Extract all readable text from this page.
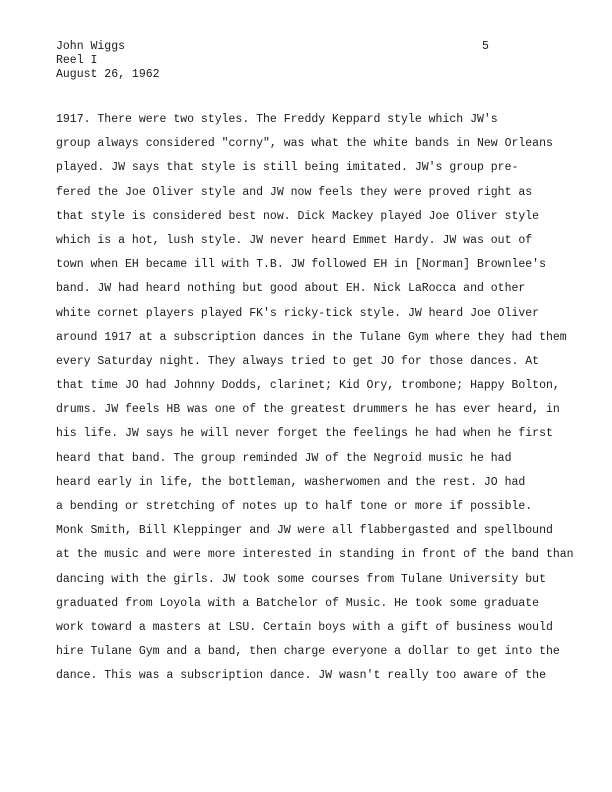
John Wiggs
Reel I
August 26, 1962
5
1917. There were two styles. The Freddy Keppard style which JW's
group always considered "corny", was what the white bands in New Orleans
played. JW says that style is still being imitated. JW's group pre-
fered the Joe Oliver style and JW now feels they were proved right as
that style is considered best now. Dick Mackey played Joe Oliver style
which is a hot, lush style. JW never heard Emmet Hardy. JW was out of
town when EH became ill with T.B. JW followed EH in [Norman] Brownlee's
band. JW had heard nothing but good about EH. Nick LaRocca and other
white cornet players played FK's ricky-tick style. JW heard Joe Oliver
around 1917 at a subscription dances in the Tulane Gym where they had them
every Saturday night. They always tried to get JO for those dances. At
that time JO had Johnny Dodds, clarinet; Kid Ory, trombone; Happy Bolton,
drums. JW feels HB was one of the greatest drummers he has ever heard, in
his life. JW says he will never forget the feelings he had when he first
heard that band. The group reminded JW of the Negroid music he had
heard early in life, the bottleman, washerwomen and the rest. JO had
a bending or stretching of notes up to half tone or more if possible.
Monk Smith, Bill Kleppinger and JW were all flabbergasted and spellbound
at the music and were more interested in standing in front of the band than
dancing with the girls. JW took some courses from Tulane University but
graduated from Loyola with a Batchelor of Music. He took some graduate
work toward a masters at LSU. Certain boys with a gift of business would
hire Tulane Gym and a band, then charge everyone a dollar to get into the
dance. This was a subscription dance. JW wasn't really too aware of the
